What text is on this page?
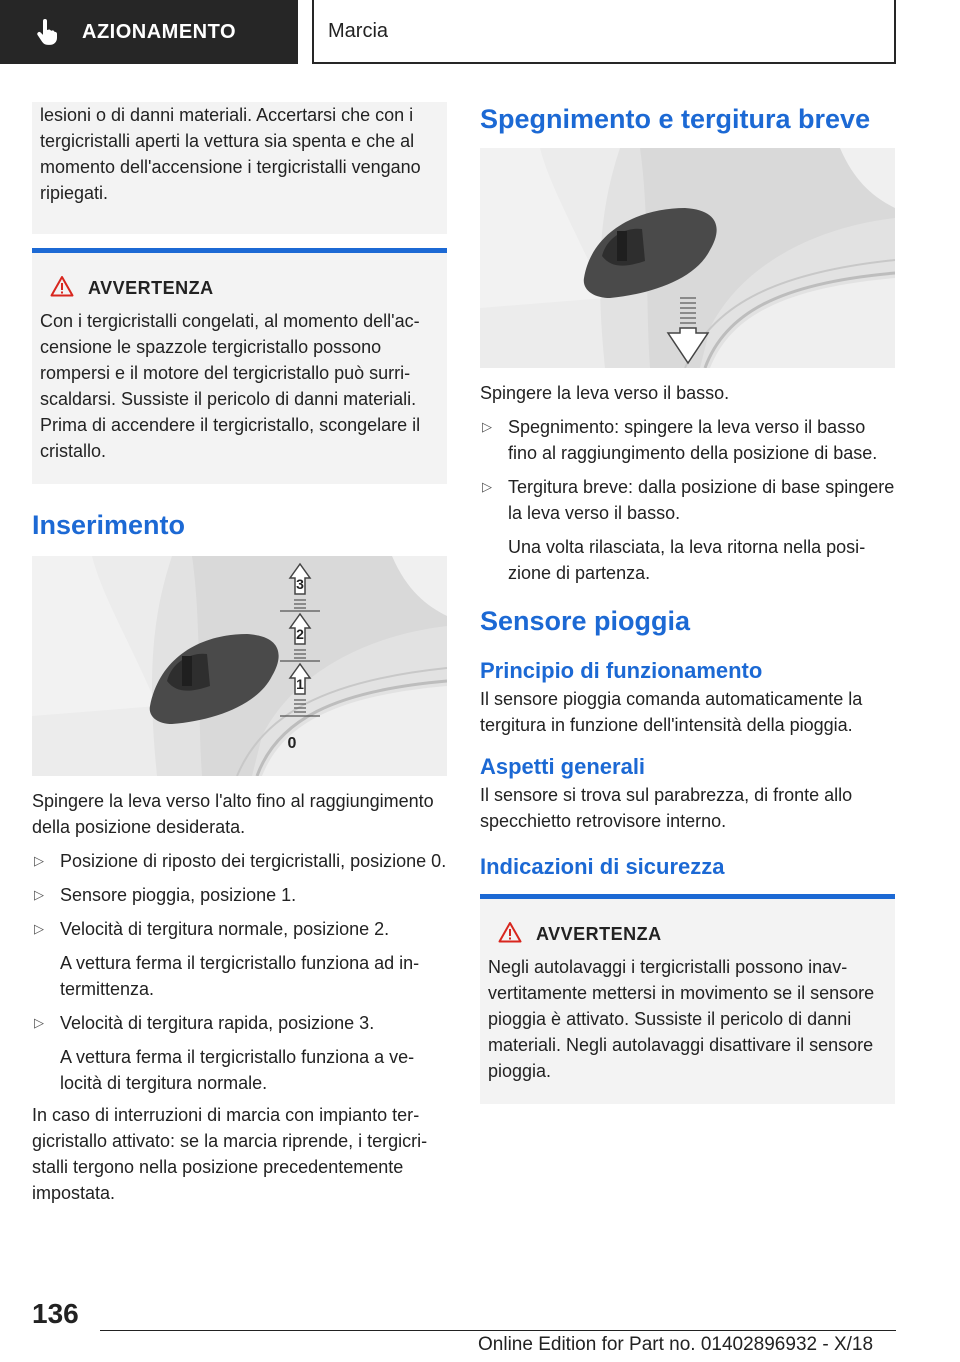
AZIONAMENTO	Marcia

lesioni o di danni materiali. Accertarsi che con i tergicristalli aperti la vettura sia spenta e che al momento dell'accensione i tergicristalli vengano ripiegati.

AVVERTENZA

Con i tergicristalli congelati, al momento dell'accensione le spazzole tergicristallo possono rompersi e il motore del tergicristallo può surriscaldarsi. Sussiste il pericolo di danni materiali. Prima di accendere il tergicristallo, scongelare il cristallo.

Inserimento
3
2
1
0

Spingere la leva verso l'alto fino al raggiungimento della posizione desiderata.

▷ Posizione di riposto dei tergicristalli, posizione 0.
▷ Sensore pioggia, posizione 1.
▷ Velocità di tergitura normale, posizione 2.

A vettura ferma il tergicristallo funziona ad intermittenza.

▷ Velocità di tergitura rapida, posizione 3.

A vettura ferma il tergicristallo funziona a velocità di tergitura normale.

In caso di interruzioni di marcia con impianto tergicristallo attivato: se la marcia riprende, i tergicristalli tergono nella posizione precedentemente impostata.

Spegnimento e tergitura breve

Spingere la leva verso il basso.

▷ Spegnimento: spingere la leva verso il basso fino al raggiungimento della posizione di base.
▷ Tergitura breve: dalla posizione di base spingere la leva verso il basso.

Una volta rilasciata, la leva ritorna nella posizione di partenza.

Sensore pioggia
Principio di funzionamento

Il sensore pioggia comanda automaticamente la tergitura in funzione dell'intensità della pioggia.

Aspetti generali

Il sensore si trova sul parabrezza, di fronte allo specchietto retrovisore interno.

Indicazioni di sicurezza
AVVERTENZA

Negli autolavaggi i tergicristalli possono inavvertitamente mettersi in movimento se il sensore pioggia è attivato. Sussiste il pericolo di danni materiali. Negli autolavaggi disattivare il sensore pioggia.

136
Online Edition for Part no. 01402896932 - X/18
